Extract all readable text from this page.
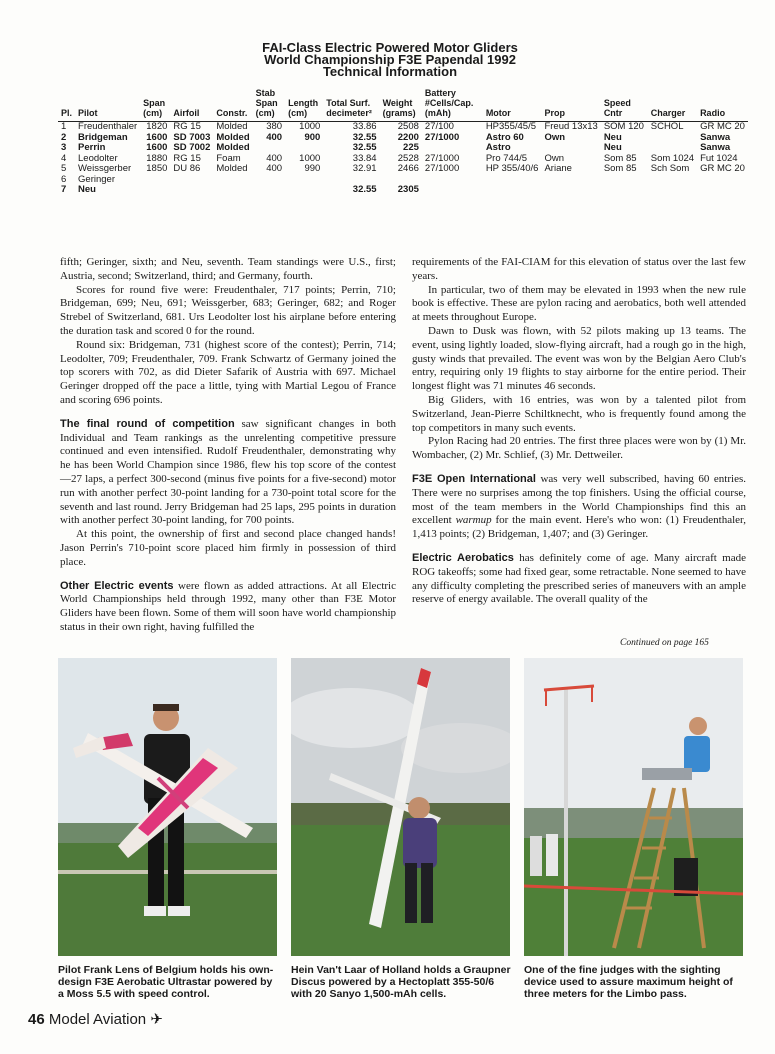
FAI-Class Electric Powered Motor Gliders
World Championship F3E Papendal 1992
Technical Information
Pl.	Pilot	Span (cm)	Airfoil	Constr.	Stab Span (cm)	Length (cm)	Total Surf. decimeter²	Weight (grams)	Battery #Cells/Cap. (mAh)	Motor	Prop	Speed Cntr	Charger	Radio
1	Freudenthaler	1820	RG 15	Molded	380	1000	33.86	2508	27/100	HP355/45/5	Freud 13x13	SOM 120	SCHOL	GR MC 20
2	Bridgeman	1600	SD 7003	Molded	400	900	32.55	2200	27/1000	Astro 60	Own	Neu		Sanwa
3	Perrin	1600	SD 7002	Molded			32.55	225		Astro		Neu		Sanwa
4	Leodolter	1880	RG 15	Foam	400	1000	33.84	2528	27/1000	Pro 744/5	Own	Som 85	Som 1024	Fut 1024
5	Weissgerber	1850	DU 86	Molded	400	990	32.91	2466	27/1000	HP 355/40/6	Ariane	Som 85	Sch Som	GR MC 20
6	Geringer													
7	Neu						32.55	2305						

fifth; Geringer, sixth; and Neu, seventh. Team standings were U.S., first; Austria, second; Switzerland, third; and Germany, fourth.

Scores for round five were: Freudenthaler, 717 points; Perrin, 710; Bridgeman, 699; Neu, 691; Weissgerber, 683; Geringer, 682; and Roger Strebel of Switzerland, 681. Urs Leodolter lost his airplane before entering the duration task and scored 0 for the round.

Round six: Bridgeman, 731 (highest score of the contest); Perrin, 714; Leodolter, 709; Freudenthaler, 709. Frank Schwartz of Germany joined the top scorers with 702, as did Dieter Safarik of Austria with 697. Michael Geringer dropped off the pace a little, tying with Martial Legou of France and scoring 696 points.

The final round of competition saw significant changes in both Individual and Team rankings as the unrelenting competitive pressure continued and even intensified. Rudolf Freudenthaler, demonstrating why he has been World Champion since 1986, flew his top score of the contest—27 laps, a perfect 300-second (minus five points for a five-second) motor run with another perfect 30-point landing for a 730-point total score for the seventh and last round. Jerry Bridgeman had 25 laps, 295 points in duration with another perfect 30-point landing, for 700 points.

At this point, the ownership of first and second place changed hands! Jason Perrin's 710-point score placed him firmly in possession of third place.

Other Electric events were flown as added attractions. At all Electric World Championships held through 1992, many other than F3E Motor Gliders have been flown. Some of them will soon have world championship status in their own right, having fulfilled the

requirements of the FAI-CIAM for this elevation of status over the last few years.

In particular, two of them may be elevated in 1993 when the new rule book is effective. These are pylon racing and aerobatics, both well attended at meets throughout Europe.

Dawn to Dusk was flown, with 52 pilots making up 13 teams. The event, using lightly loaded, slow-flying aircraft, had a rough go in the high, gusty winds that prevailed. The event was won by the Belgian Aero Club's entry, requiring only 19 flights to stay airborne for the entire period. Their longest flight was 71 minutes 46 seconds.

Big Gliders, with 16 entries, was won by a talented pilot from Switzerland, Jean-Pierre Schiltknecht, who is frequently found among the top competitors in many such events.

Pylon Racing had 20 entries. The first three places were won by (1) Mr. Wombacher, (2) Mr. Schlief, (3) Mr. Dettweiler.

F3E Open International was very well subscribed, having 60 entries. There were no surprises among the top finishers. Using the official course, most of the team members in the World Championships find this an excellent warmup for the main event. Here's who won: (1) Freudenthaler, 1,413 points; (2) Bridgeman, 1,407; and (3) Geringer.

Electric Aerobatics has definitely come of age. Many aircraft made ROG takeoffs; some had fixed gear, some retractable. None seemed to have any difficulty completing the prescribed series of maneuvers with an ample reserve of energy available. The overall quality of the

Continued on page 165
Pilot Frank Lens of Belgium holds his own-design F3E Aerobatic Ultrastar powered by a Moss 5.5 with speed control.
Hein Van't Laar of Holland holds a Graupner Discus powered by a Hectoplatt 355-50/6 with 20 Sanyo 1,500-mAh cells.
One of the fine judges with the sighting device used to assure maximum height of three meters for the Limbo pass.
46 Model Aviation ✈
